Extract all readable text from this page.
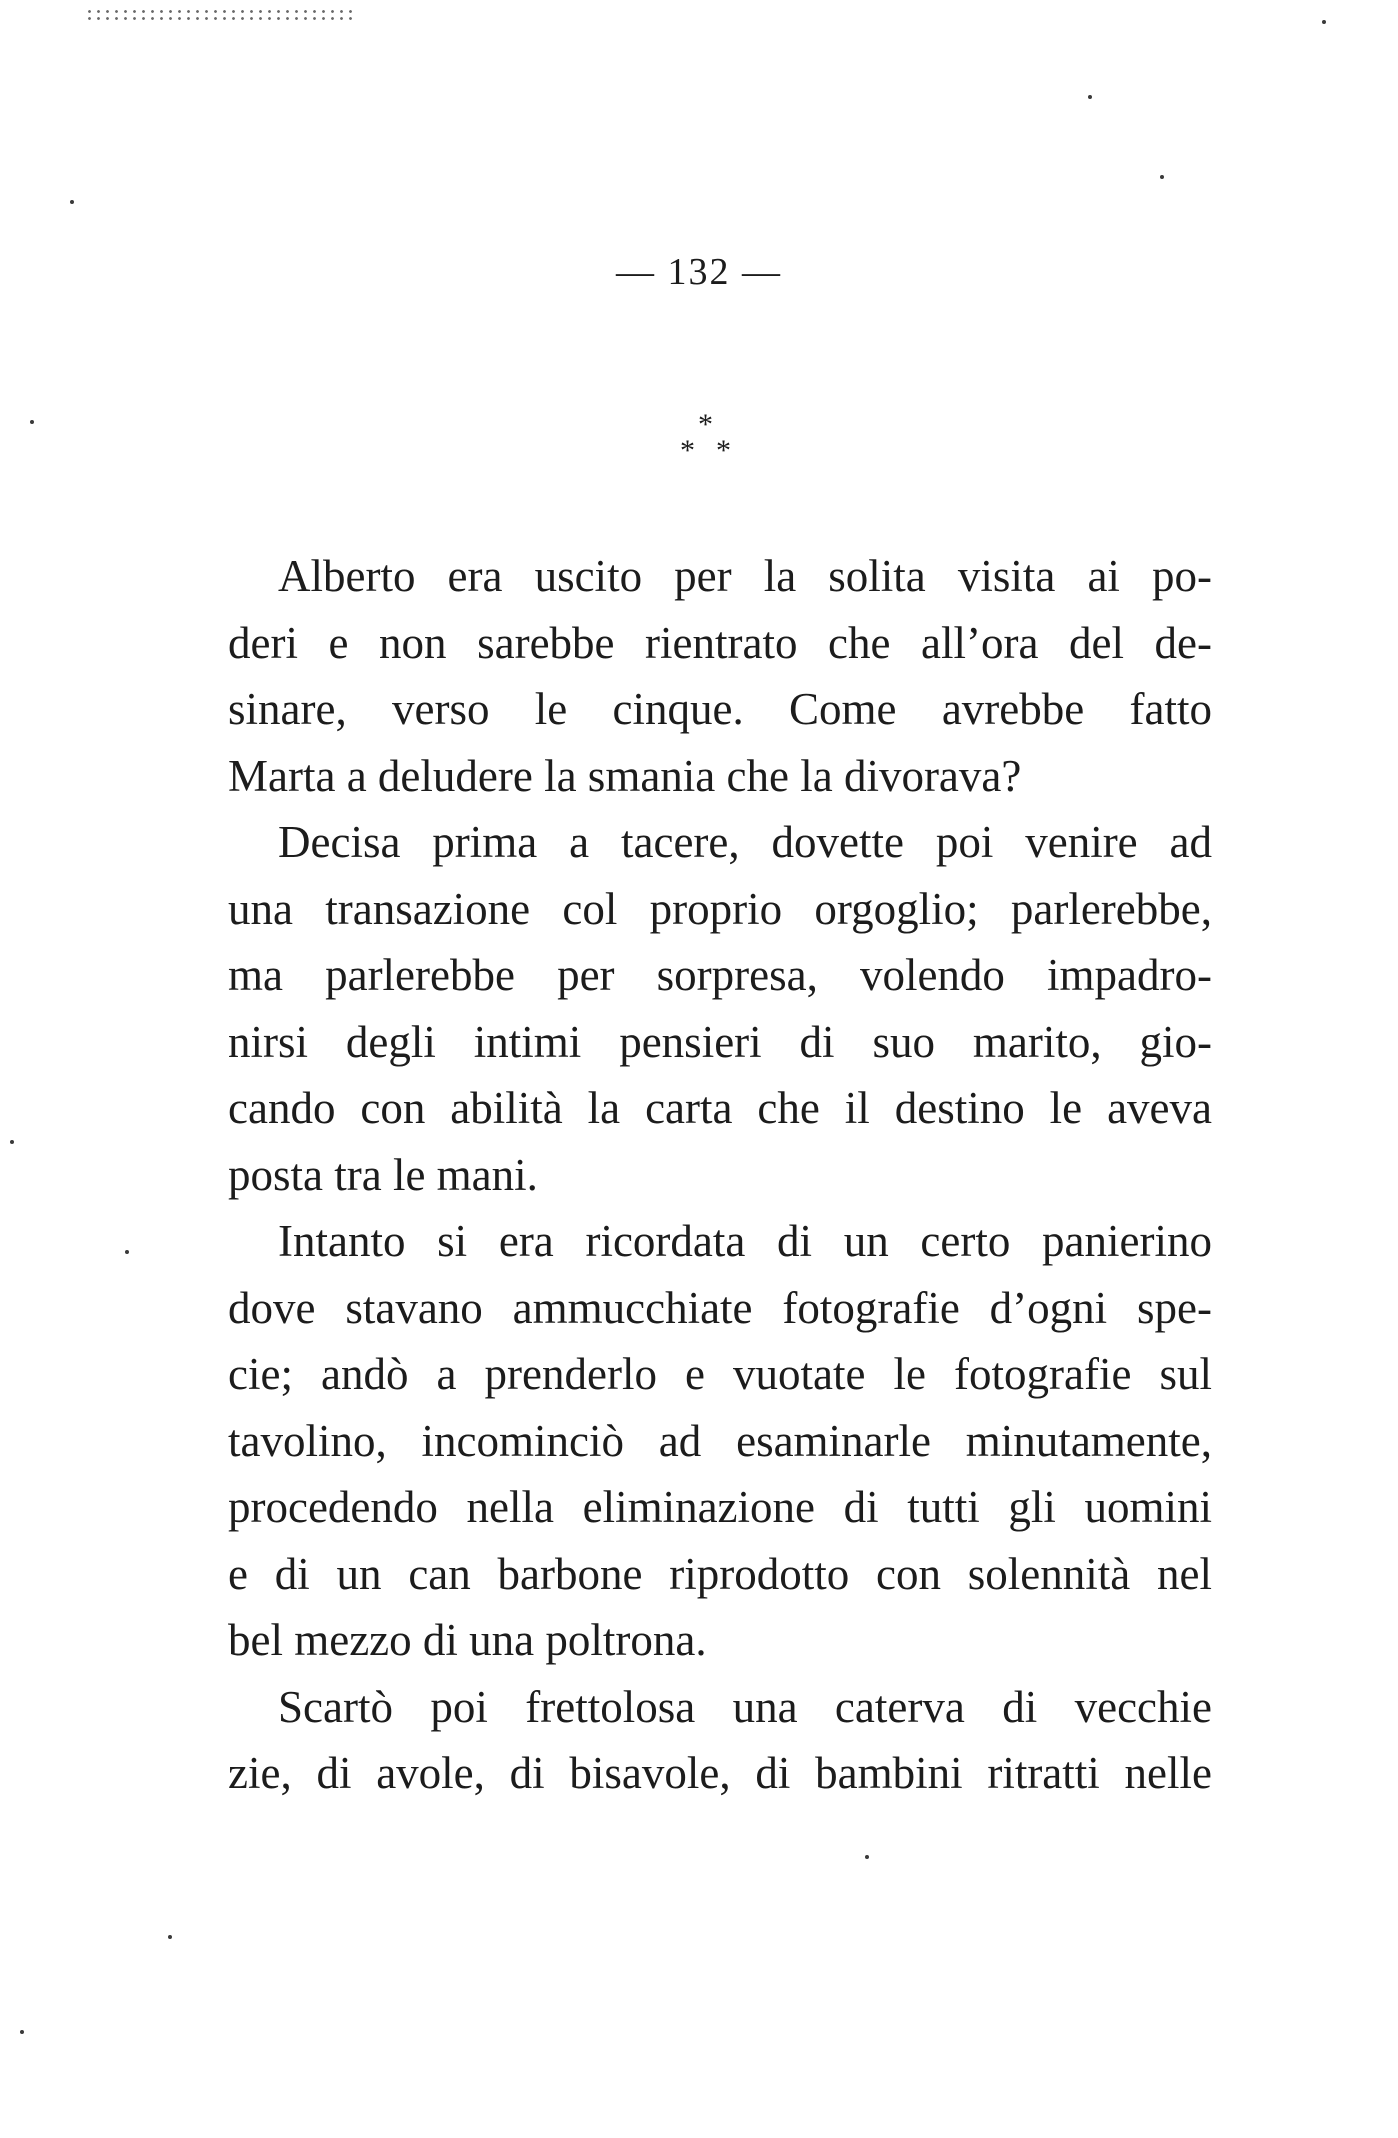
— 132 —
*
* *
Alberto era uscito per la solita visita ai po-
deri e non sarebbe rientrato che all’ora del de-
sinare, verso le cinque. Come avrebbe fatto
Marta a deludere la smania che la divorava?
Decisa prima a tacere, dovette poi venire ad
una transazione col proprio orgoglio; parlerebbe,
ma parlerebbe per sorpresa, volendo impadro-
nirsi degli intimi pensieri di suo marito, gio-
cando con abilità la carta che il destino le aveva
posta tra le mani.
Intanto si era ricordata di un certo panierino
dove stavano ammucchiate fotografie d’ogni spe-
cie; andò a prenderlo e vuotate le fotografie sul
tavolino, incominciò ad esaminarle minutamente,
procedendo nella eliminazione di tutti gli uomini
e di un can barbone riprodotto con solennità nel
bel mezzo di una poltrona.
Scartò poi frettolosa una caterva di vecchie
zie, di avole, di bisavole, di bambini ritratti nelle
